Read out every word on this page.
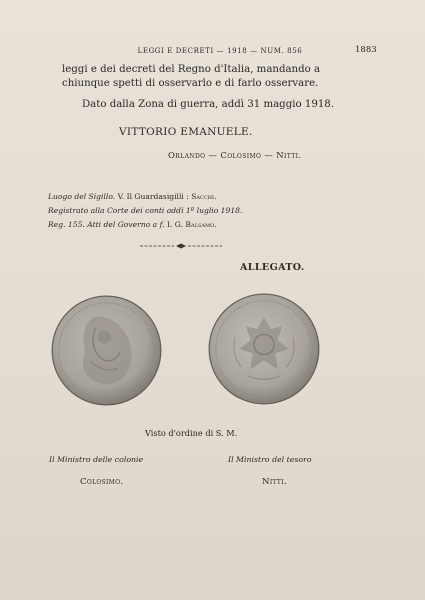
LEGGI E DECRETI — 1918 — NUM. 856	1883
leggi e dei decreti del Regno d'Italia, mandando a
chiunque spetti di osservarlo e di farlo osservare.
Dato dalla Zona di guerra, addì 31 maggio 1918.
VITTORIO EMANUELE.
Orlando — Colosimo — Nitti.
Luogo del Sigillo. V. Il Guardasigilli : Sacchi.
Registrato alla Corte dei conti addì 1º luglio 1918.
Reg. 155. Atti del Governo a f. I. G. Balsamo.
ALLEGATO.
Visto d'ordine di S. M.
Il Ministro delle colonie	Il Ministro del tesoro
Colosimo.	Nitti.
